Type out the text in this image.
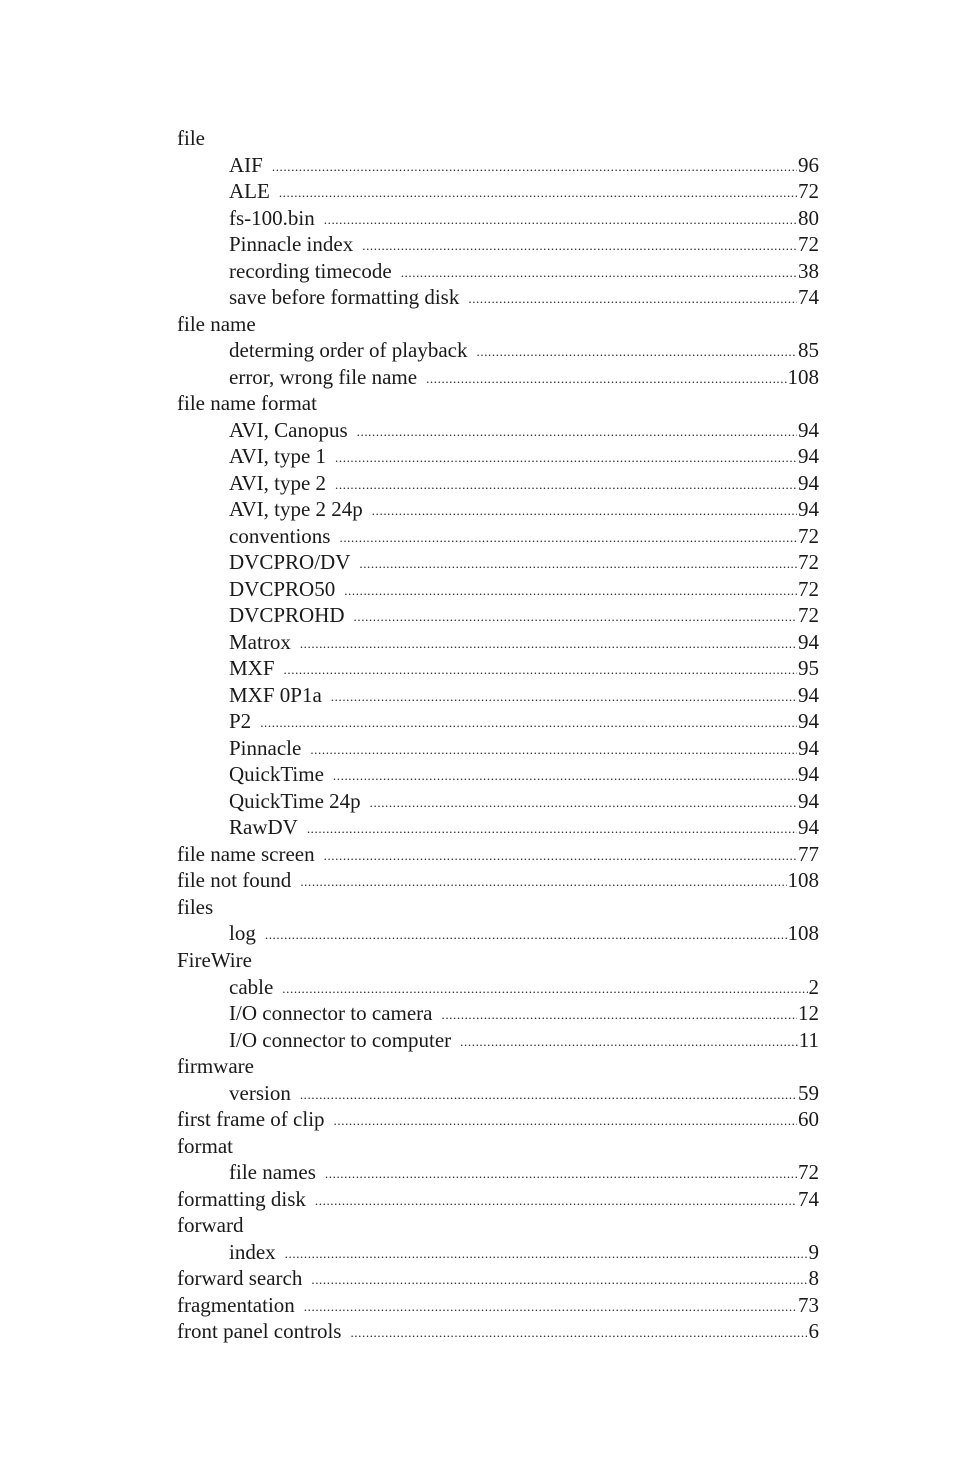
file
AIF .....	96
ALE .....	72
fs-100.bin .....	80
Pinnacle index .....	72
recording timecode .....	38
save before formatting disk .....	74
file name
determing order of playback .....	85
error, wrong file name .....	108
file name format
AVI, Canopus .....	94
AVI, type 1 .....	94
AVI, type 2 .....	94
AVI, type 2 24p .....	94
conventions .....	72
DVCPRO/DV .....	72
DVCPRO50 .....	72
DVCPROHD .....	72
Matrox .....	94
MXF .....	95
MXF 0P1a .....	94
P2 .....	94
Pinnacle .....	94
QuickTime .....	94
QuickTime 24p .....	94
RawDV .....	94
file name screen .....	77
file not found .....	108
files
log .....	108
FireWire
cable .....	2
I/O connector to camera .....	12
I/O connector to computer .....	11
firmware
version .....	59
first frame of clip .....	60
format
file names .....	72
formatting disk .....	74
forward
index .....	9
forward search .....	8
fragmentation .....	73
front panel controls .....	6
